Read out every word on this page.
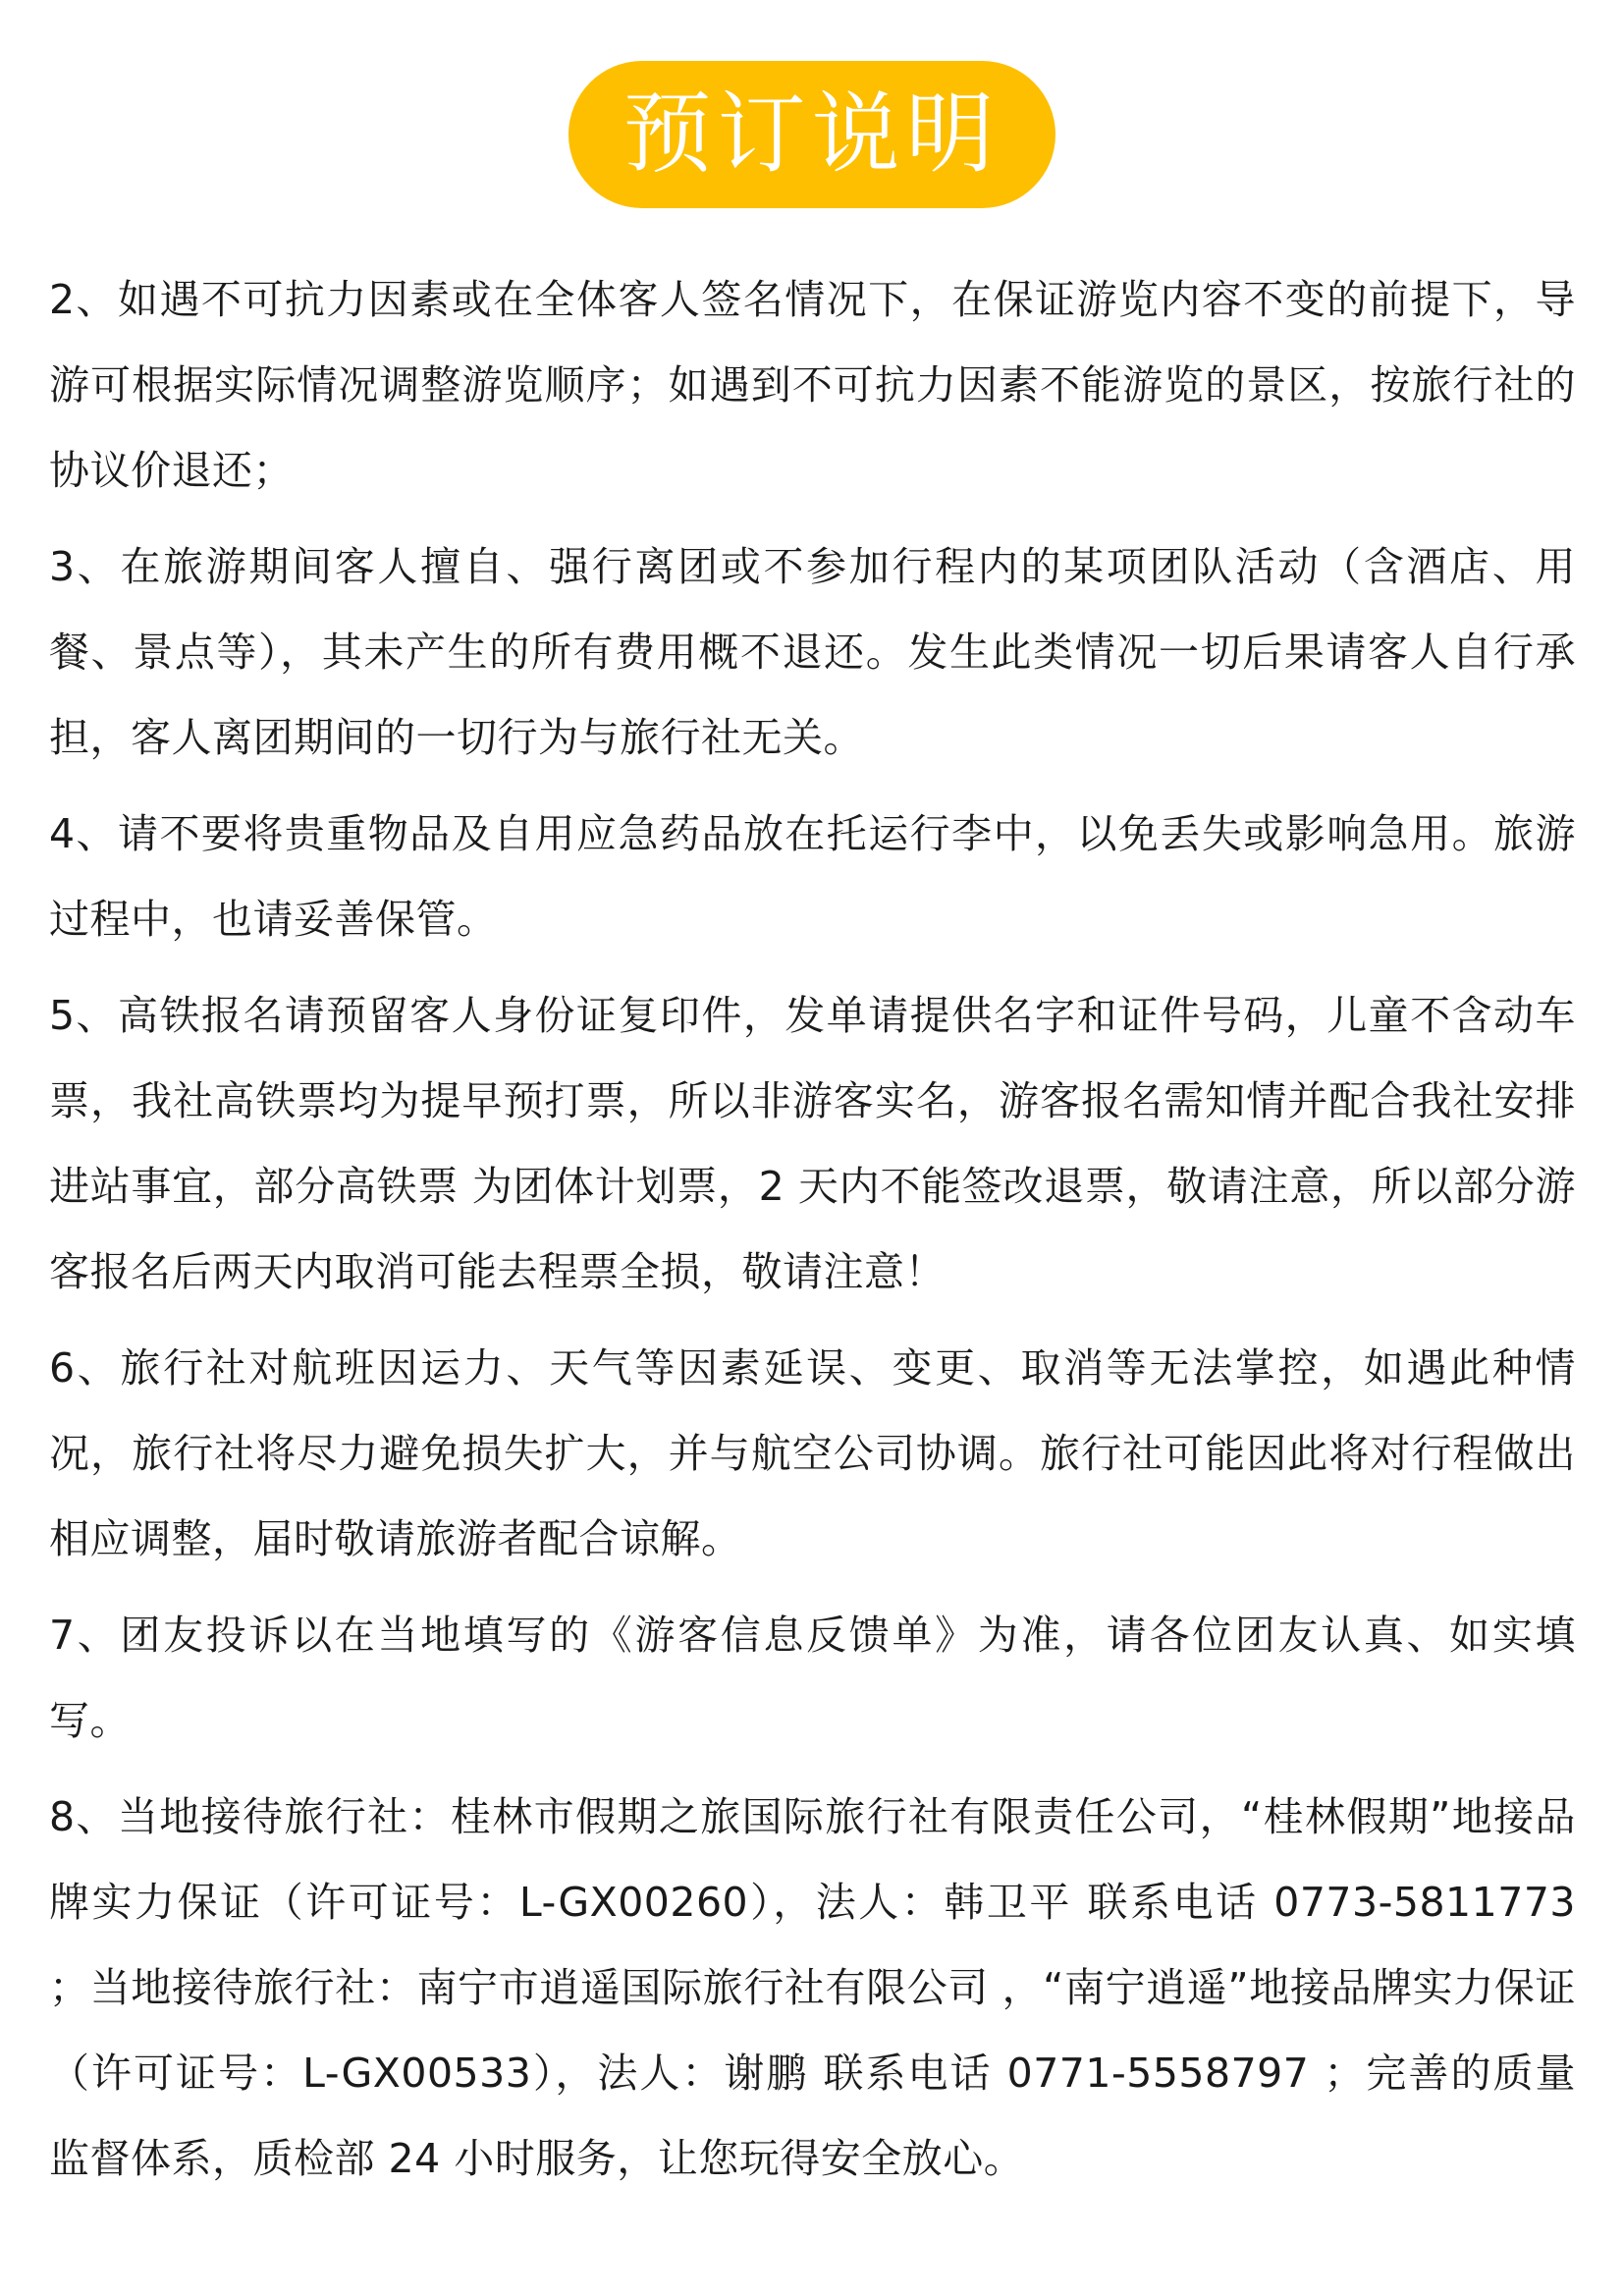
预订说明

2、如遇不可抗力因素或在全体客人签名情况下，在保证游览内容不变的前提下，导游可根据实际情况调整游览顺序；如遇到不可抗力因素不能游览的景区，按旅行社的协议价退还；

3、在旅游期间客人擅自、强行离团或不参加行程内的某项团队活动（含酒店、用餐、景点等），其未产生的所有费用概不退还。发生此类情况一切后果请客人自行承担，客人离团期间的一切行为与旅行社无关。

4、请不要将贵重物品及自用应急药品放在托运行李中，以免丢失或影响急用。旅游过程中，也请妥善保管。

5、高铁报名请预留客人身份证复印件，发单请提供名字和证件号码，儿童不含动车票，我社高铁票均为提早预打票，所以非游客实名，游客报名需知情并配合我社安排进站事宜，部分高铁票 为团体计划票，2 天内不能签改退票，敬请注意，所以部分游客报名后两天内取消可能去程票全损，敬请注意！

6、旅行社对航班因运力、天气等因素延误、变更、取消等无法掌控，如遇此种情况，旅行社将尽力避免损失扩大，并与航空公司协调。旅行社可能因此将对行程做出相应调整，届时敬请旅游者配合谅解。

7、团友投诉以在当地填写的《游客信息反馈单》为准，请各位团友认真、如实填写。

8、当地接待旅行社：桂林市假期之旅国际旅行社有限责任公司，“桂林假期”地接品牌实力保证（许可证号：L-GX00260），法人：韩卫平 联系电话 0773-5811773 ；当地接待旅行社：南宁市逍遥国际旅行社有限公司 ，“南宁逍遥”地接品牌实力保证（许可证号：L-GX00533），法人：谢鹏 联系电话 0771-5558797 ；完善的质量监督体系，质检部 24 小时服务，让您玩得安全放心。
